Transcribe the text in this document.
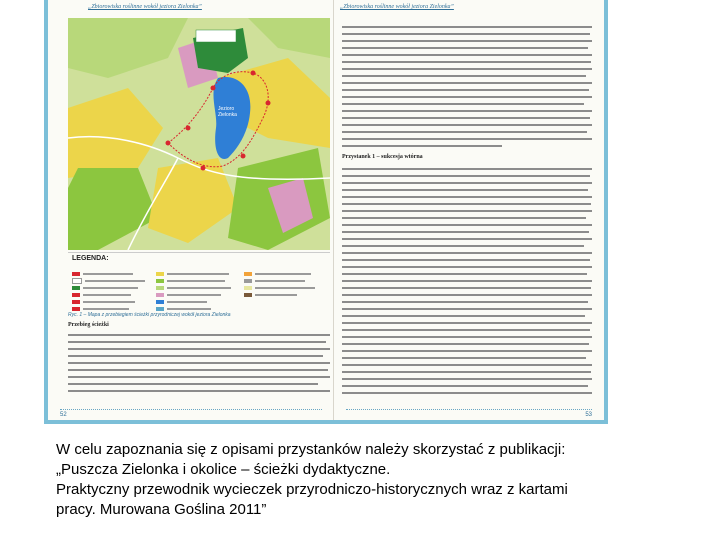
„Zbiorowiska roślinne wokół jeziora Zielonka”
Jezioro Zielonka
LEGENDA:
Ryc. 1 – Mapa z przebiegiem ścieżki przyrodniczej wokół jeziora Zielonka
Przebieg ścieżki
52
„Zbiorowiska roślinne wokół jeziora Zielonka”
Przystanek 1 – sukcesja wtórna
53
W celu zapoznania się z opisami przystanków należy skorzystać z publikacji:
„Puszcza Zielonka i okolice – ścieżki dydaktyczne.
Praktyczny przewodnik wycieczek przyrodniczo-historycznych wraz z kartami
pracy. Murowana Goślina 2011”
